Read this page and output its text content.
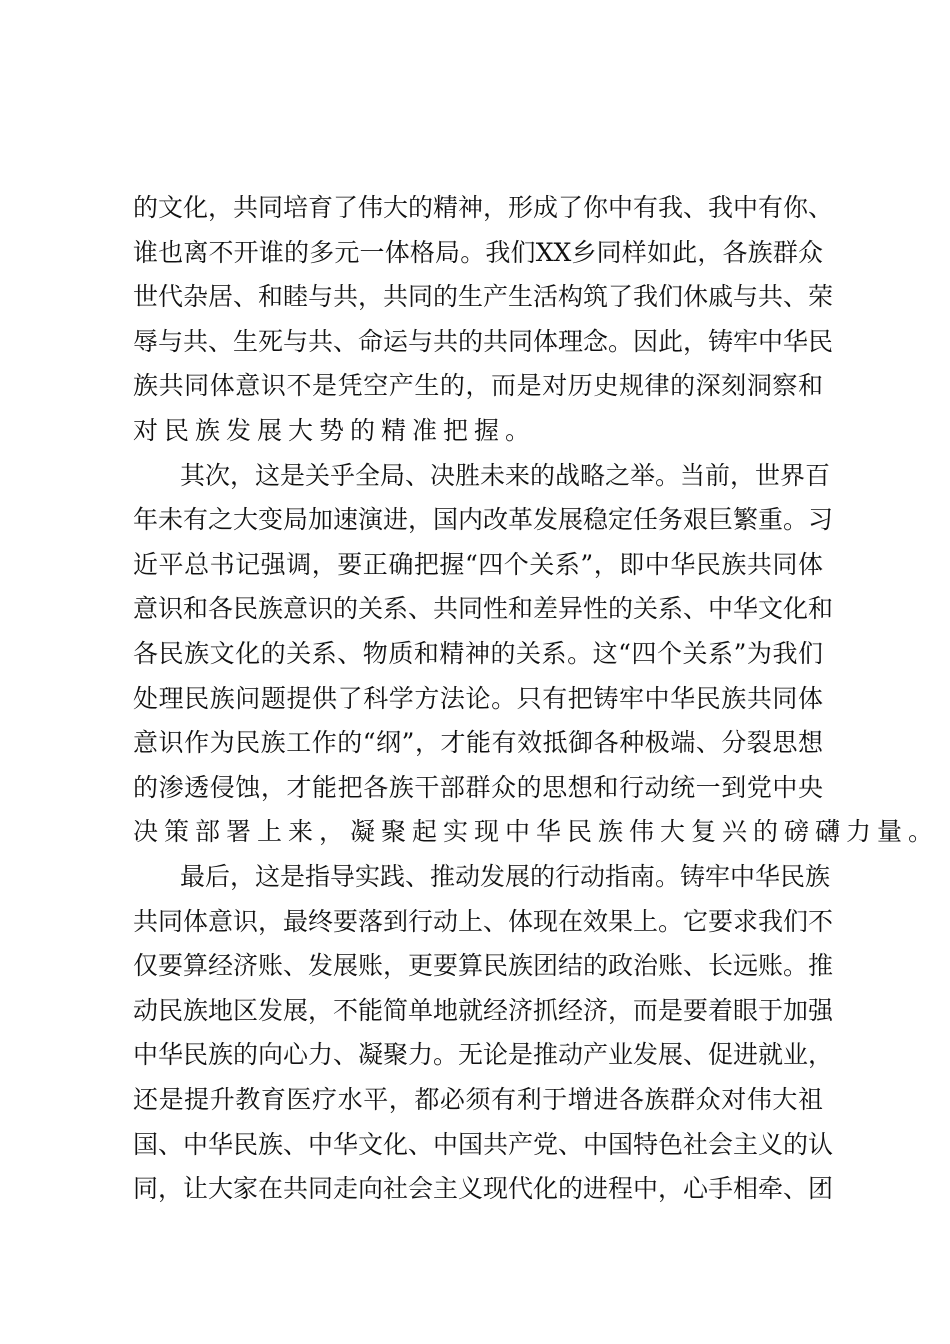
的文化，共同培育了伟大的精神，形成了你中有我、我中有你、
谁也离不开谁的多元一体格局。我们XX乡同样如此，各族群众
世代杂居、和睦与共，共同的生产生活构筑了我们休戚与共、荣
辱与共、生死与共、命运与共的共同体理念。因此，铸牢中华民
族共同体意识不是凭空产生的，而是对历史规律的深刻洞察和
对民族发展大势的精准把握。
其次，这是关乎全局、决胜未来的战略之举。当前，世界百
年未有之大变局加速演进，国内改革发展稳定任务艰巨繁重。习
近平总书记强调，要正确把握“四个关系”，即中华民族共同体
意识和各民族意识的关系、共同性和差异性的关系、中华文化和
各民族文化的关系、物质和精神的关系。这“四个关系”为我们
处理民族问题提供了科学方法论。只有把铸牢中华民族共同体
意识作为民族工作的“纲”，才能有效抵御各种极端、分裂思想
的渗透侵蚀，才能把各族干部群众的思想和行动统一到党中央
决策部署上来，凝聚起实现中华民族伟大复兴的磅礴力量。
最后，这是指导实践、推动发展的行动指南。铸牢中华民族
共同体意识，最终要落到行动上、体现在效果上。它要求我们不
仅要算经济账、发展账，更要算民族团结的政治账、长远账。推
动民族地区发展，不能简单地就经济抓经济，而是要着眼于加强
中华民族的向心力、凝聚力。无论是推动产业发展、促进就业，
还是提升教育医疗水平，都必须有利于增进各族群众对伟大祖
国、中华民族、中华文化、中国共产党、中国特色社会主义的认
同，让大家在共同走向社会主义现代化的进程中，心手相牵、团
